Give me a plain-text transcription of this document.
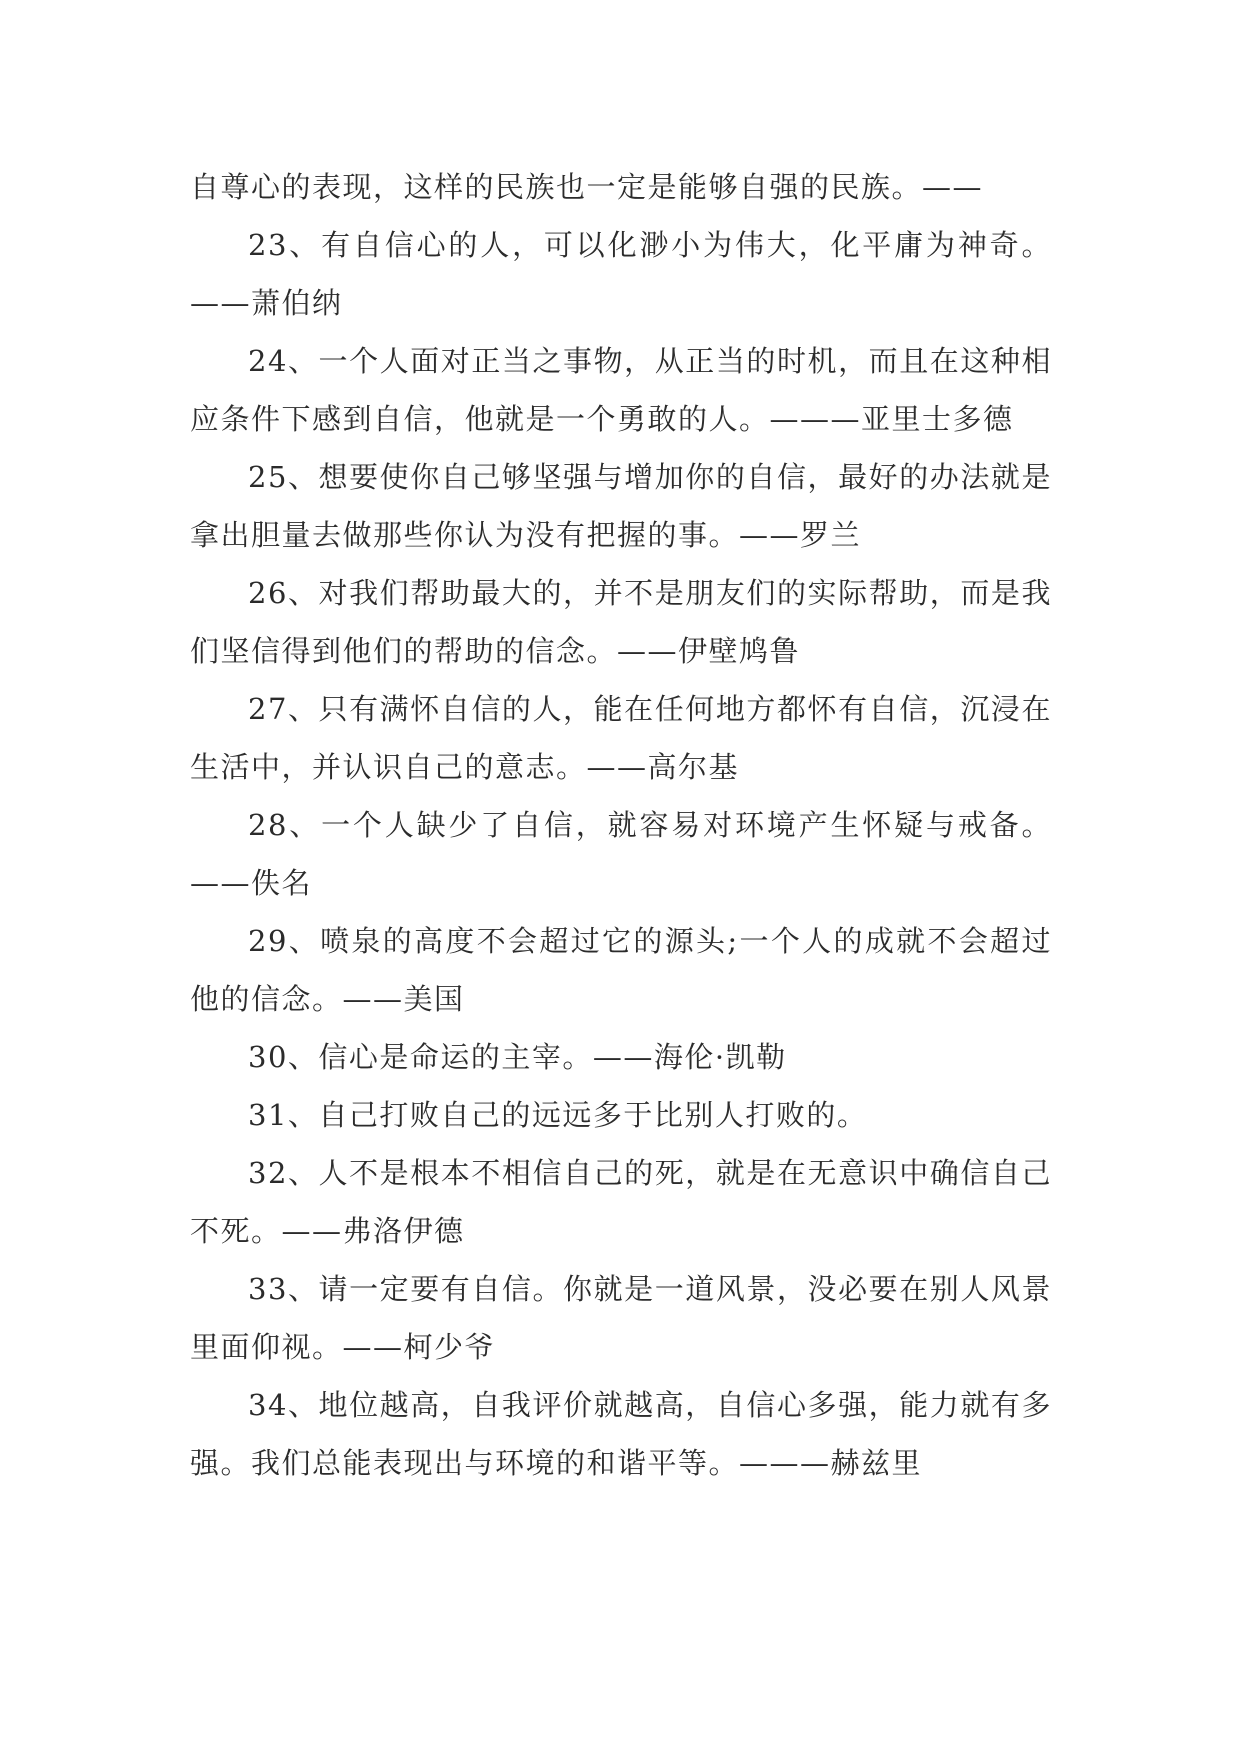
自尊心的表现，这样的民族也一定是能够自强的民族。——

23、有自信心的人，可以化渺小为伟大，化平庸为神奇。——萧伯纳

24、一个人面对正当之事物，从正当的时机，而且在这种相应条件下感到自信，他就是一个勇敢的人。———亚里士多德

25、想要使你自己够坚强与增加你的自信，最好的办法就是拿出胆量去做那些你认为没有把握的事。——罗兰

26、对我们帮助最大的，并不是朋友们的实际帮助，而是我们坚信得到他们的帮助的信念。——伊壁鸠鲁

27、只有满怀自信的人，能在任何地方都怀有自信，沉浸在生活中，并认识自己的意志。——高尔基

28、一个人缺少了自信，就容易对环境产生怀疑与戒备。——佚名

29、喷泉的高度不会超过它的源头;一个人的成就不会超过他的信念。——美国

30、信心是命运的主宰。——海伦·凯勒

31、自己打败自己的远远多于比别人打败的。

32、人不是根本不相信自己的死，就是在无意识中确信自己不死。——弗洛伊德

33、请一定要有自信。你就是一道风景，没必要在别人风景里面仰视。——柯少爷

34、地位越高，自我评价就越高，自信心多强，能力就有多强。我们总能表现出与环境的和谐平等。———赫兹里
